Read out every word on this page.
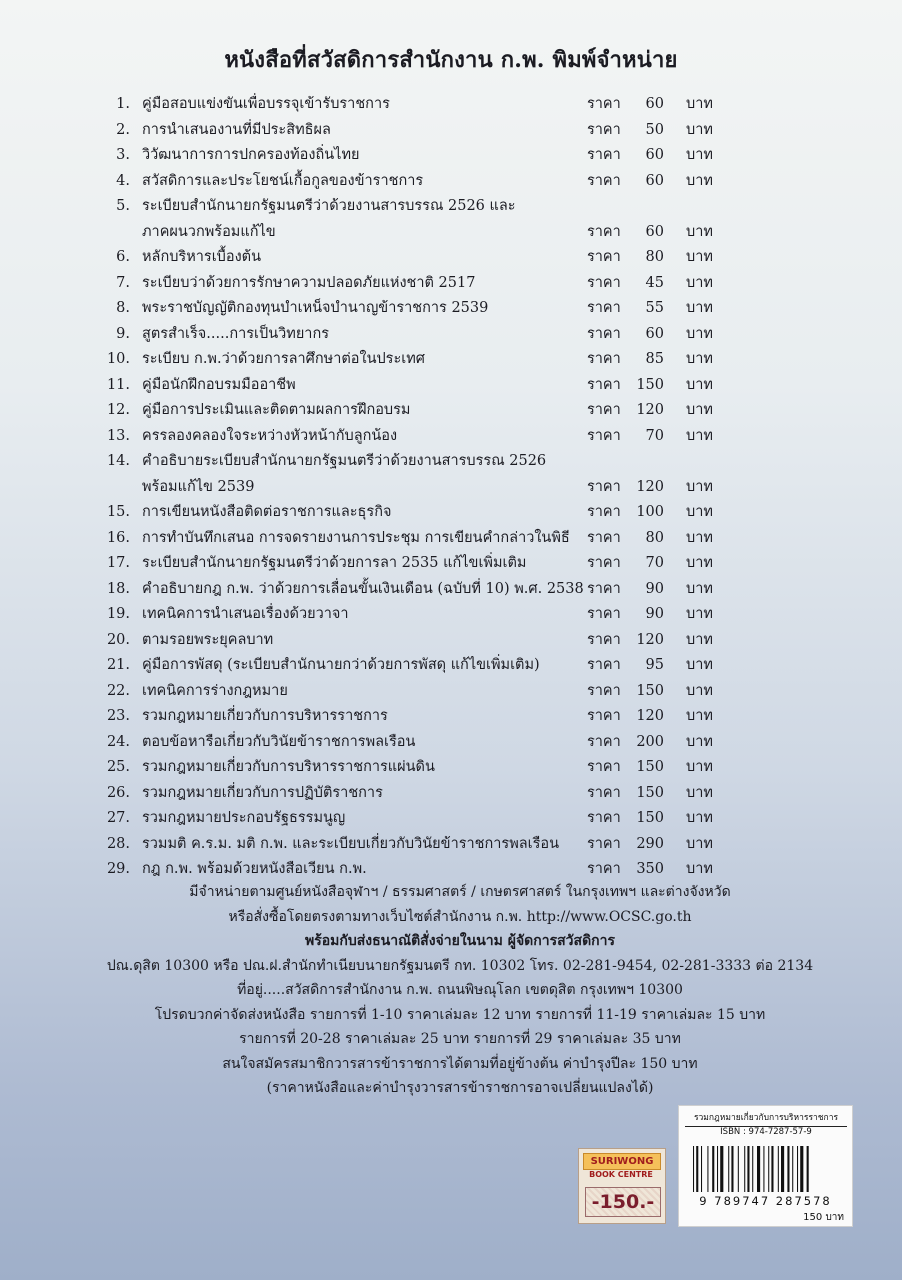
หนังสือที่สวัสดิการสำนักงาน ก.พ. พิมพ์จำหน่าย
1. คู่มือสอบแข่งขันเพื่อบรรจุเข้ารับราชการ	ราคา	60 บาท
2. การนำเสนองานที่มีประสิทธิผล	ราคา	50 บาท
3. วิวัฒนาการการปกครองท้องถิ่นไทย	ราคา	60 บาท
4. สวัสดิการและประโยชน์เกื้อกูลของข้าราชการ	ราคา	60 บาท
5. ระเบียบสำนักนายกรัฐมนตรีว่าด้วยงานสารบรรณ 2526 และ
ภาคผนวกพร้อมแก้ไข	ราคา	60 บาท
6. หลักบริหารเบื้องต้น	ราคา	80 บาท
7. ระเบียบว่าด้วยการรักษาความปลอดภัยแห่งชาติ 2517	ราคา	45 บาท
8. พระราชบัญญัติกองทุนบำเหน็จบำนาญข้าราชการ 2539	ราคา	55 บาท
9. สูตรสำเร็จ.....การเป็นวิทยากร	ราคา	60 บาท
10. ระเบียบ ก.พ.ว่าด้วยการลาศึกษาต่อในประเทศ	ราคา	85 บาท
11. คู่มือนักฝึกอบรมมืออาชีพ	ราคา	150 บาท
12. คู่มือการประเมินและติดตามผลการฝึกอบรม	ราคา	120 บาท
13. ครรลองคลองใจระหว่างหัวหน้ากับลูกน้อง	ราคา	70 บาท
14. คำอธิบายระเบียบสำนักนายกรัฐมนตรีว่าด้วยงานสารบรรณ 2526
พร้อมแก้ไข 2539	ราคา	120 บาท
15. การเขียนหนังสือติดต่อราชการและธุรกิจ	ราคา	100 บาท
16. การทำบันทึกเสนอ การจดรายงานการประชุม การเขียนคำกล่าวในพิธี	ราคา	80 บาท
17. ระเบียบสำนักนายกรัฐมนตรีว่าด้วยการลา 2535 แก้ไขเพิ่มเติม	ราคา	70 บาท
18. คำอธิบายกฎ ก.พ. ว่าด้วยการเลื่อนขั้นเงินเดือน (ฉบับที่ 10) พ.ศ. 2538 ราคา	90 บาท
19. เทคนิคการนำเสนอเรื่องด้วยวาจา	ราคา	90 บาท
20. ตามรอยพระยุคลบาท	ราคา	120 บาท
21. คู่มือการพัสดุ (ระเบียบสำนักนายกว่าด้วยการพัสดุ แก้ไขเพิ่มเติม)	ราคา	95 บาท
22. เทคนิคการร่างกฎหมาย	ราคา	150 บาท
23. รวมกฎหมายเกี่ยวกับการบริหารราชการ	ราคา	120 บาท
24. ตอบข้อหารือเกี่ยวกับวินัยข้าราชการพลเรือน	ราคา	200 บาท
25. รวมกฎหมายเกี่ยวกับการบริหารราชการแผ่นดิน	ราคา	150 บาท
26. รวมกฎหมายเกี่ยวกับการปฏิบัติราชการ	ราคา	150 บาท
27. รวมกฎหมายประกอบรัฐธรรมนูญ	ราคา	150 บาท
28. รวมมติ ค.ร.ม. มติ ก.พ. และระเบียบเกี่ยวกับวินัยข้าราชการพลเรือน	ราคา	290 บาท
29. กฎ ก.พ. พร้อมด้วยหนังสือเวียน ก.พ.	ราคา	350 บาท
มีจำหน่ายตามศูนย์หนังสือจุฬาฯ / ธรรมศาสตร์ / เกษตรศาสตร์ ในกรุงเทพฯ และต่างจังหวัด
หรือสั่งซื้อโดยตรงตามทางเว็บไซต์สำนักงาน ก.พ. http://www.OCSC.go.th
พร้อมกับส่งธนาณัติสั่งจ่ายในนาม ผู้จัดการสวัสดิการ
ปณ.ดุสิต 10300 หรือ ปณ.ฝ.สำนักทำเนียบนายกรัฐมนตรี กท. 10302 โทร. 02-281-9454, 02-281-3333 ต่อ 2134
ที่อยู่.....สวัสดิการสำนักงาน ก.พ. ถนนพิษณุโลก เขตดุสิต กรุงเทพฯ 10300
โปรดบวกค่าจัดส่งหนังสือ รายการที่ 1-10 ราคาเล่มละ 12 บาท รายการที่ 11-19 ราคาเล่มละ 15 บาท
รายการที่ 20-28 ราคาเล่มละ 25 บาท รายการที่ 29 ราคาเล่มละ 35 บาท
สนใจสมัครสมาชิกวารสารข้าราชการได้ตามที่อยู่ข้างต้น ค่าบำรุงปีละ 150 บาท
(ราคาหนังสือและค่าบำรุงวารสารข้าราชการอาจเปลี่ยนแปลงได้)
SURIWONG
BOOK CENTRE
-150.-
รวมกฎหมายเกี่ยวกับการบริหารราชการ
ISBN : 974-7287-57-9
9 789747 287578
150 บาท
